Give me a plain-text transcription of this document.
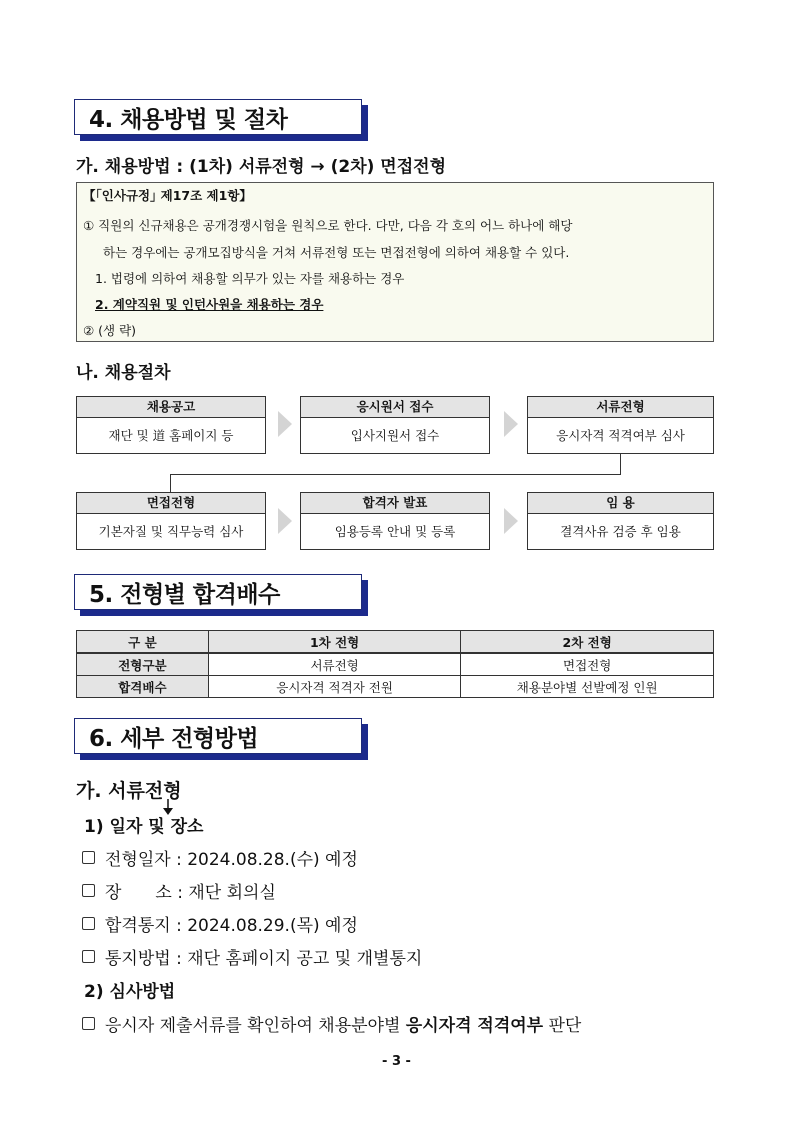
4. 채용방법 및 절차
가. 채용방법 : (1차) 서류전형 → (2차) 면접전형
【｢인사규정｣ 제17조 제1항】
① 직원의 신규채용은 공개경쟁시험을 원칙으로 한다. 다만, 다음 각 호의 어느 하나에 해당
하는 경우에는 공개모집방식을 거쳐 서류전형 또는 면접전형에 의하여 채용할 수 있다.
1. 법령에 의하여 채용할 의무가 있는 자를 채용하는 경우
2. 계약직원 및 인턴사원을 채용하는 경우
② (생 략)
나. 채용절차
채용공고
재단 및 道 홈페이지 등
응시원서 접수
입사지원서 접수
서류전형
응시자격 적격여부 심사
면접전형
기본자질 및 직무능력 심사
합격자 발표
임용등록 안내 및 등록
임 용
결격사유 검증 후 임용
5. 전형별 합격배수
구 분	1차 전형	2차 전형
전형구분	서류전형	면접전형
합격배수	응시자격 적격자 전원	채용분야별 선발예정 인원
6. 세부 전형방법
가. 서류전형
1) 일자 및 장소
전형일자 : 2024.08.28.(수) 예정
장　　소 : 재단 회의실
합격통지 : 2024.08.29.(목) 예정
통지방법 : 재단 홈페이지 공고 및 개별통지
2) 심사방법
응시자 제출서류를 확인하여 채용분야별 응시자격 적격여부 판단
- 3 -
